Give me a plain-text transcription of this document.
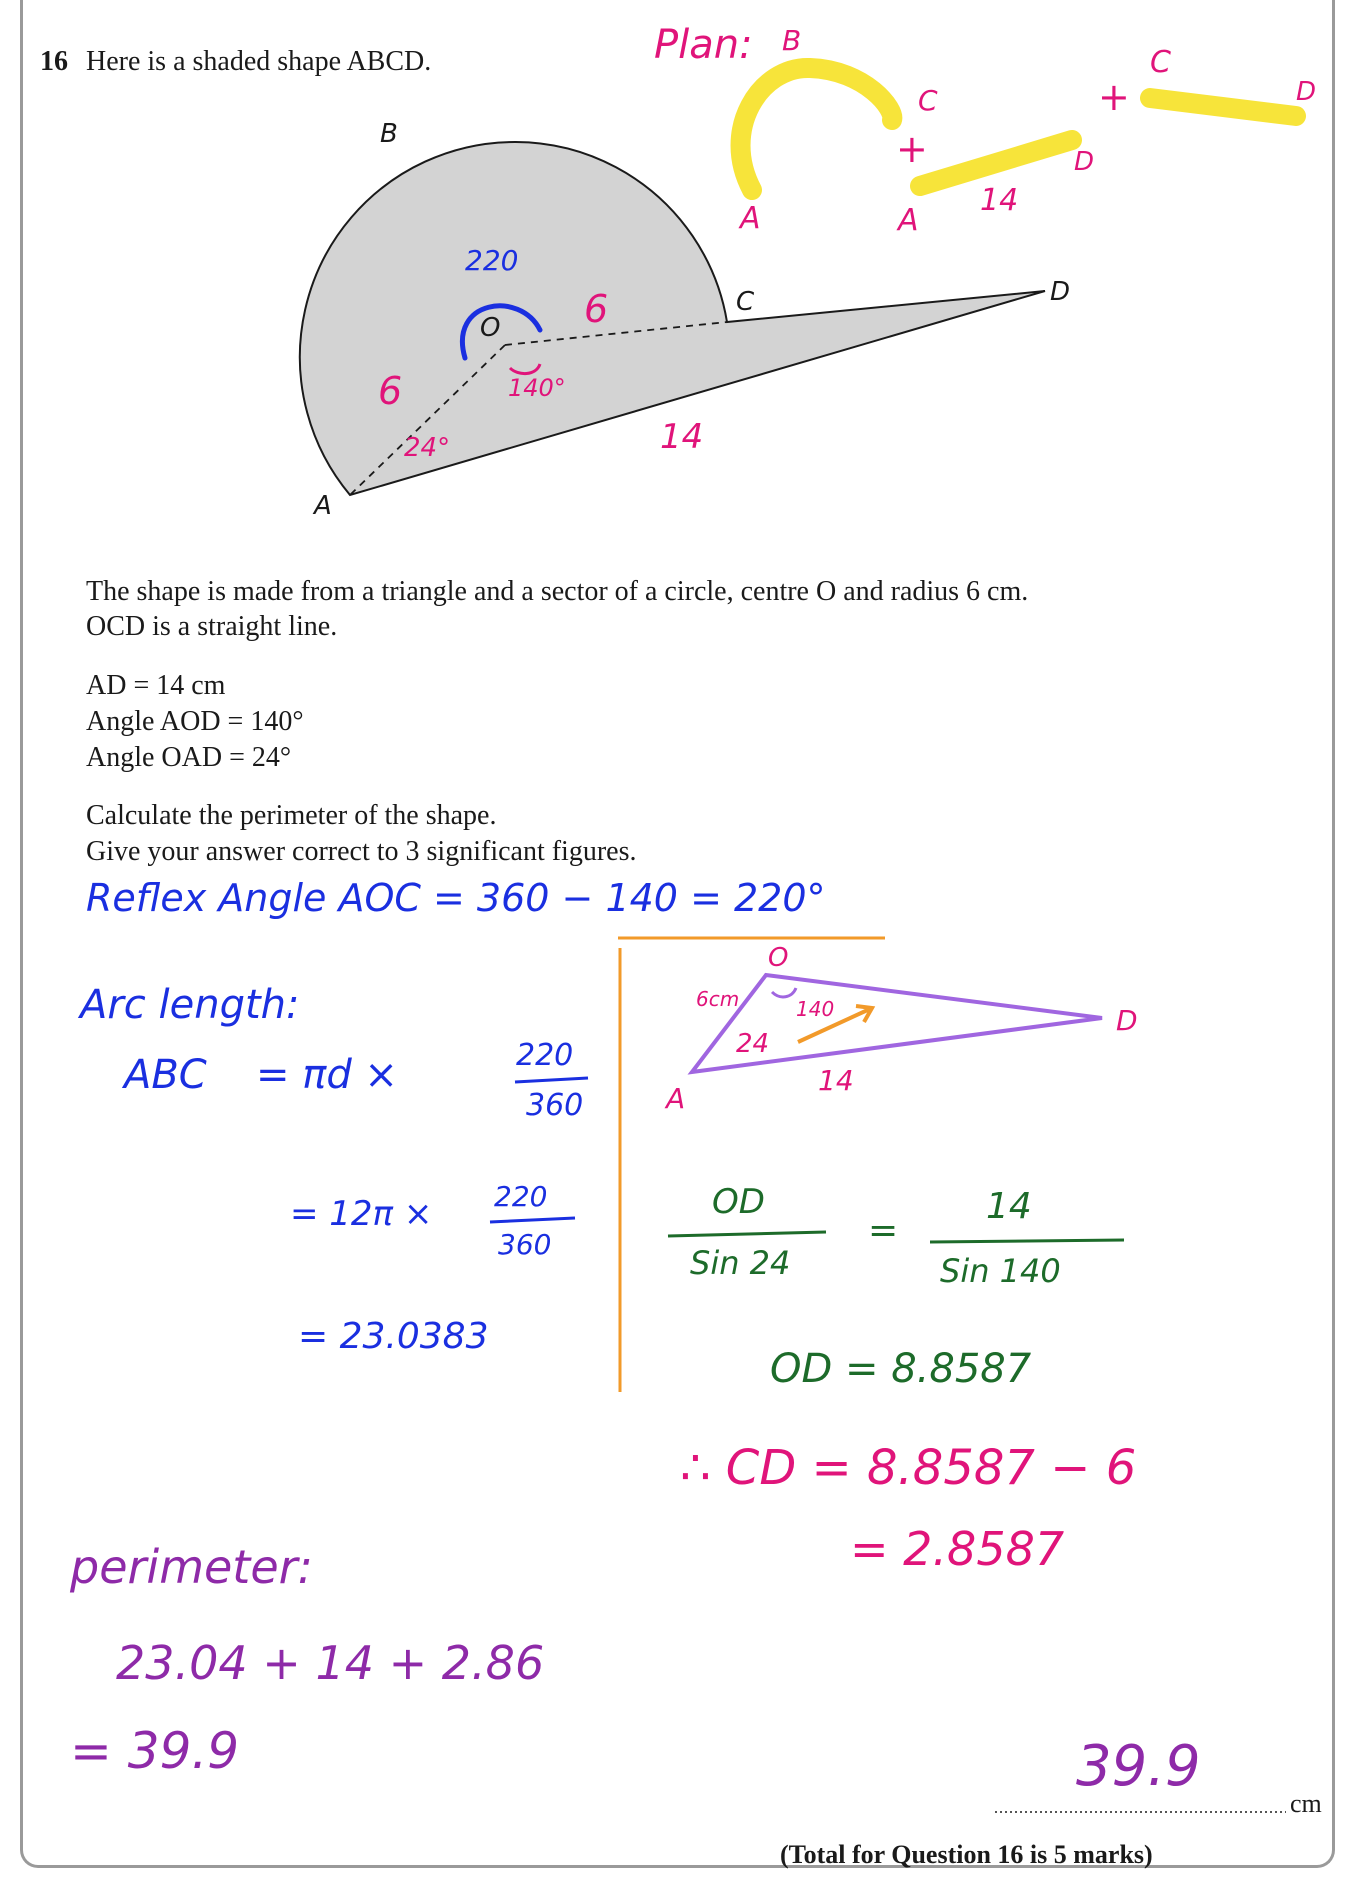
16 Here is a shaded shape ABCD.
B
C	D
A
O
220
6
6	140°
24°	14
Plan: B
A
C
+
A
14
D
+
C
D
The shape is made from a triangle and a sector of a circle, centre O and radius 6 cm.
OCD is a straight line.
AD = 14 cm
Angle AOD = 140°
Angle OAD = 24°
Calculate the perimeter of the shape.
Give your answer correct to 3 significant figures.
Reflex Angle AOC = 360 − 140 = 220°
O
A
D
6cm	140
24
14
Arc length:
ABC = πd ×	220
360
= 12π × 220
360
= 23.0383
OD
Sin 24
=
14
Sin 140
OD = 8.8587
∴ CD = 8.8587 − 6
= 2.8587
perimeter:
23.04 + 14 + 2.86
= 39.9	39.9
cm
(Total for Question 16 is 5 marks)
